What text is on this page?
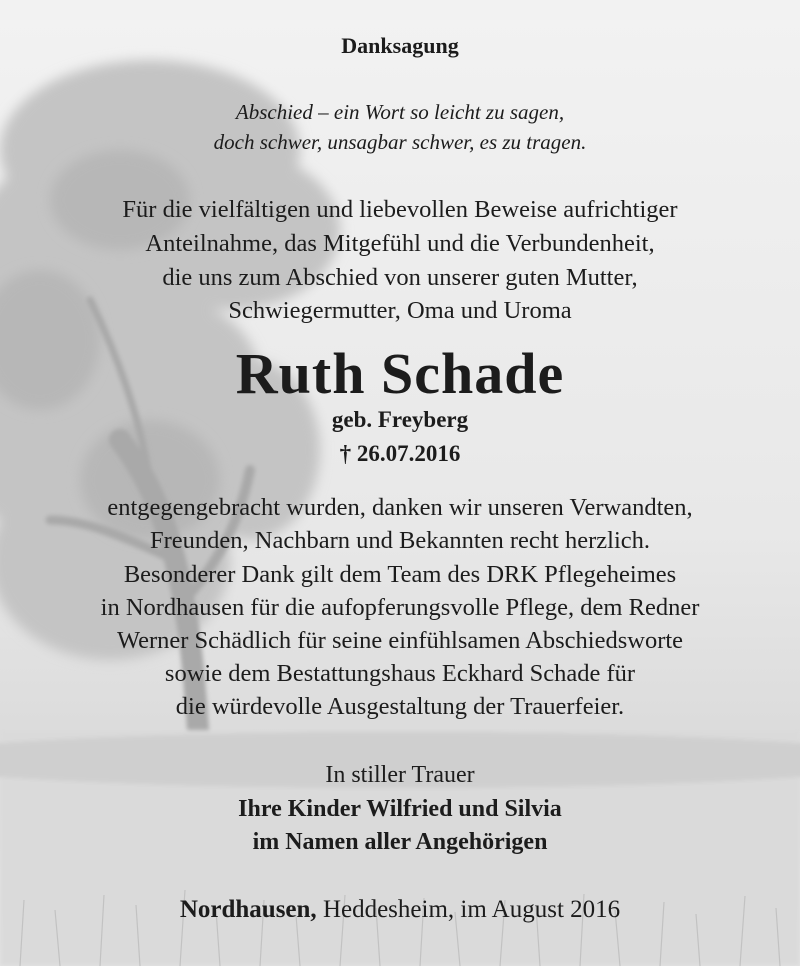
Danksagung
Abschied – ein Wort so leicht zu sagen,
doch schwer, unsagbar schwer, es zu tragen.
Für die vielfältigen und liebevollen Beweise aufrichtiger
Anteilnahme, das Mitgefühl und die Verbundenheit,
die uns zum Abschied von unserer guten Mutter,
Schwiegermutter, Oma und Uroma
Ruth Schade
geb. Freyberg
† 26.07.2016
entgegengebracht wurden, danken wir unseren Verwandten,
Freunden, Nachbarn und Bekannten recht herzlich.
Besonderer Dank gilt dem Team des DRK Pflegeheimes
in Nordhausen für die aufopferungsvolle Pflege, dem Redner
Werner Schädlich für seine einfühlsamen Abschiedsworte
sowie dem Bestattungshaus Eckhard Schade für
die würdevolle Ausgestaltung der Trauerfeier.
In stiller Trauer
Ihre Kinder Wilfried und Silvia
im Namen aller Angehörigen
Nordhausen, Heddesheim, im August 2016
